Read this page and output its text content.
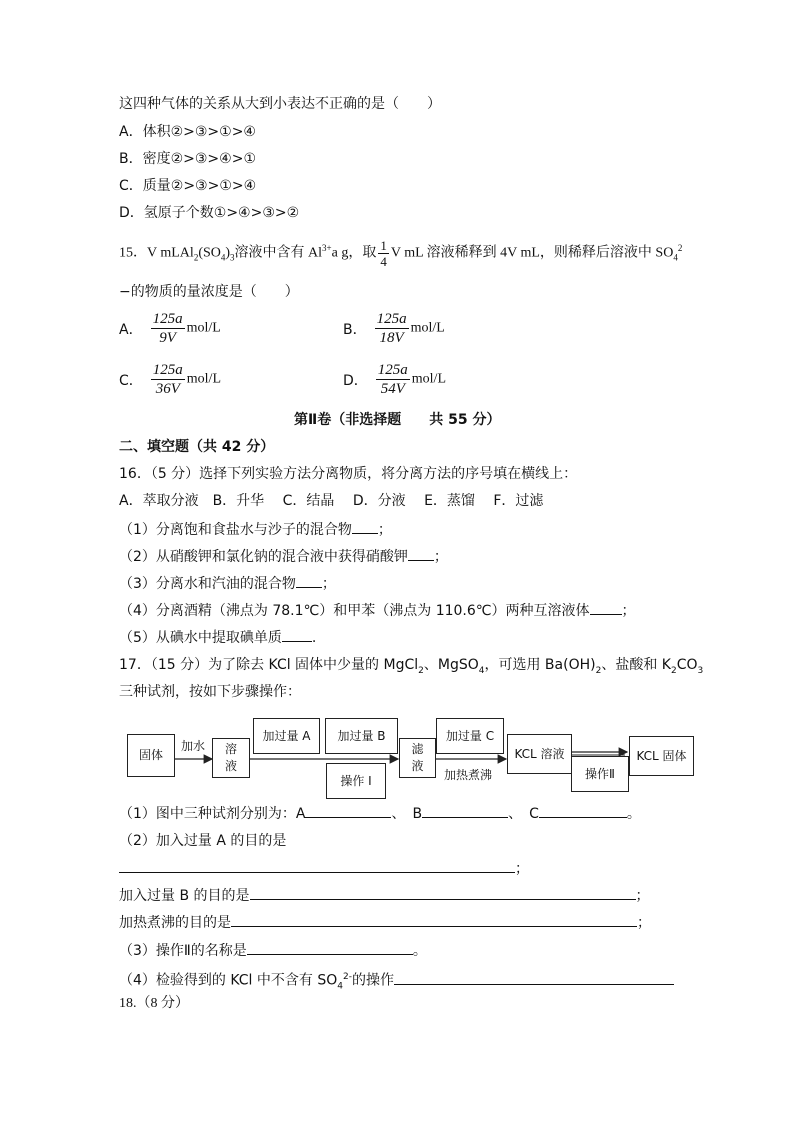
这四种气体的关系从大到小表达不正确的是（　　）
A．体积②>③>①>④
B．密度②>③>④>①
C．质量②>③>①>④
D．氢原子个数①>④>③>②
15．V $mLAl_2(SO_4)_3$溶液中含有 $Al^{3+}a$ g，取 $\frac{1}{4}$ V mL 溶液稀释到 4V mL，则稀释后溶液中 $SO_4^2$
−的物质的量浓度是（　　）
A． $\frac{125a}{9V} mol/L$	B． $\frac{125a}{18V} mol/L$
C． $\frac{125a}{36V} mol/L$	D． $\frac{125a}{54V} mol/L$
第Ⅱ卷（非选择题　　共 55 分）
二、填空题（共 42 分）
16．（5 分）选择下列实验方法分离物质，将分离方法的序号填在横线上：
A．萃取分液　B．升华　 C．结晶　 D．分液　 E．蒸馏　 F．过滤
（1）分离饱和食盐水与沙子的混合物 ；
（2）从硝酸钾和氯化钠的混合液中获得硝酸钾 ；
（3）分离水和汽油的混合物 ；
（4）分离酒精（沸点为 78.1℃）和甲苯（沸点为 110.6℃）两种互溶液体 ；
（5）从碘水中提取碘单质 .
17．（15 分）为了除去 KCl 固体中少量的 MgCl$_2$、MgSO$_4$，可选用 $Ba(OH)_2$、盐酸和 $K_2CO_3$
三种试剂，按如下步骤操作：
固体
加水 溶
液
加过量 A 加过量 B
操作 I
滤
液
加过量 C
加热煮沸
KCL 溶液
操作Ⅱ
KCL 固体
（1）图中三种试剂分别为：A	、　B	、　C	。
（2）加入过量 A 的目的是
；
加入过量 B 的目的是	；
加热煮沸的目的是	；
（3）操作Ⅱ的名称是	。
（4）检验得到的 KCl 中不含有 $SO_4^{2-}$的操作
18.（8 分）
